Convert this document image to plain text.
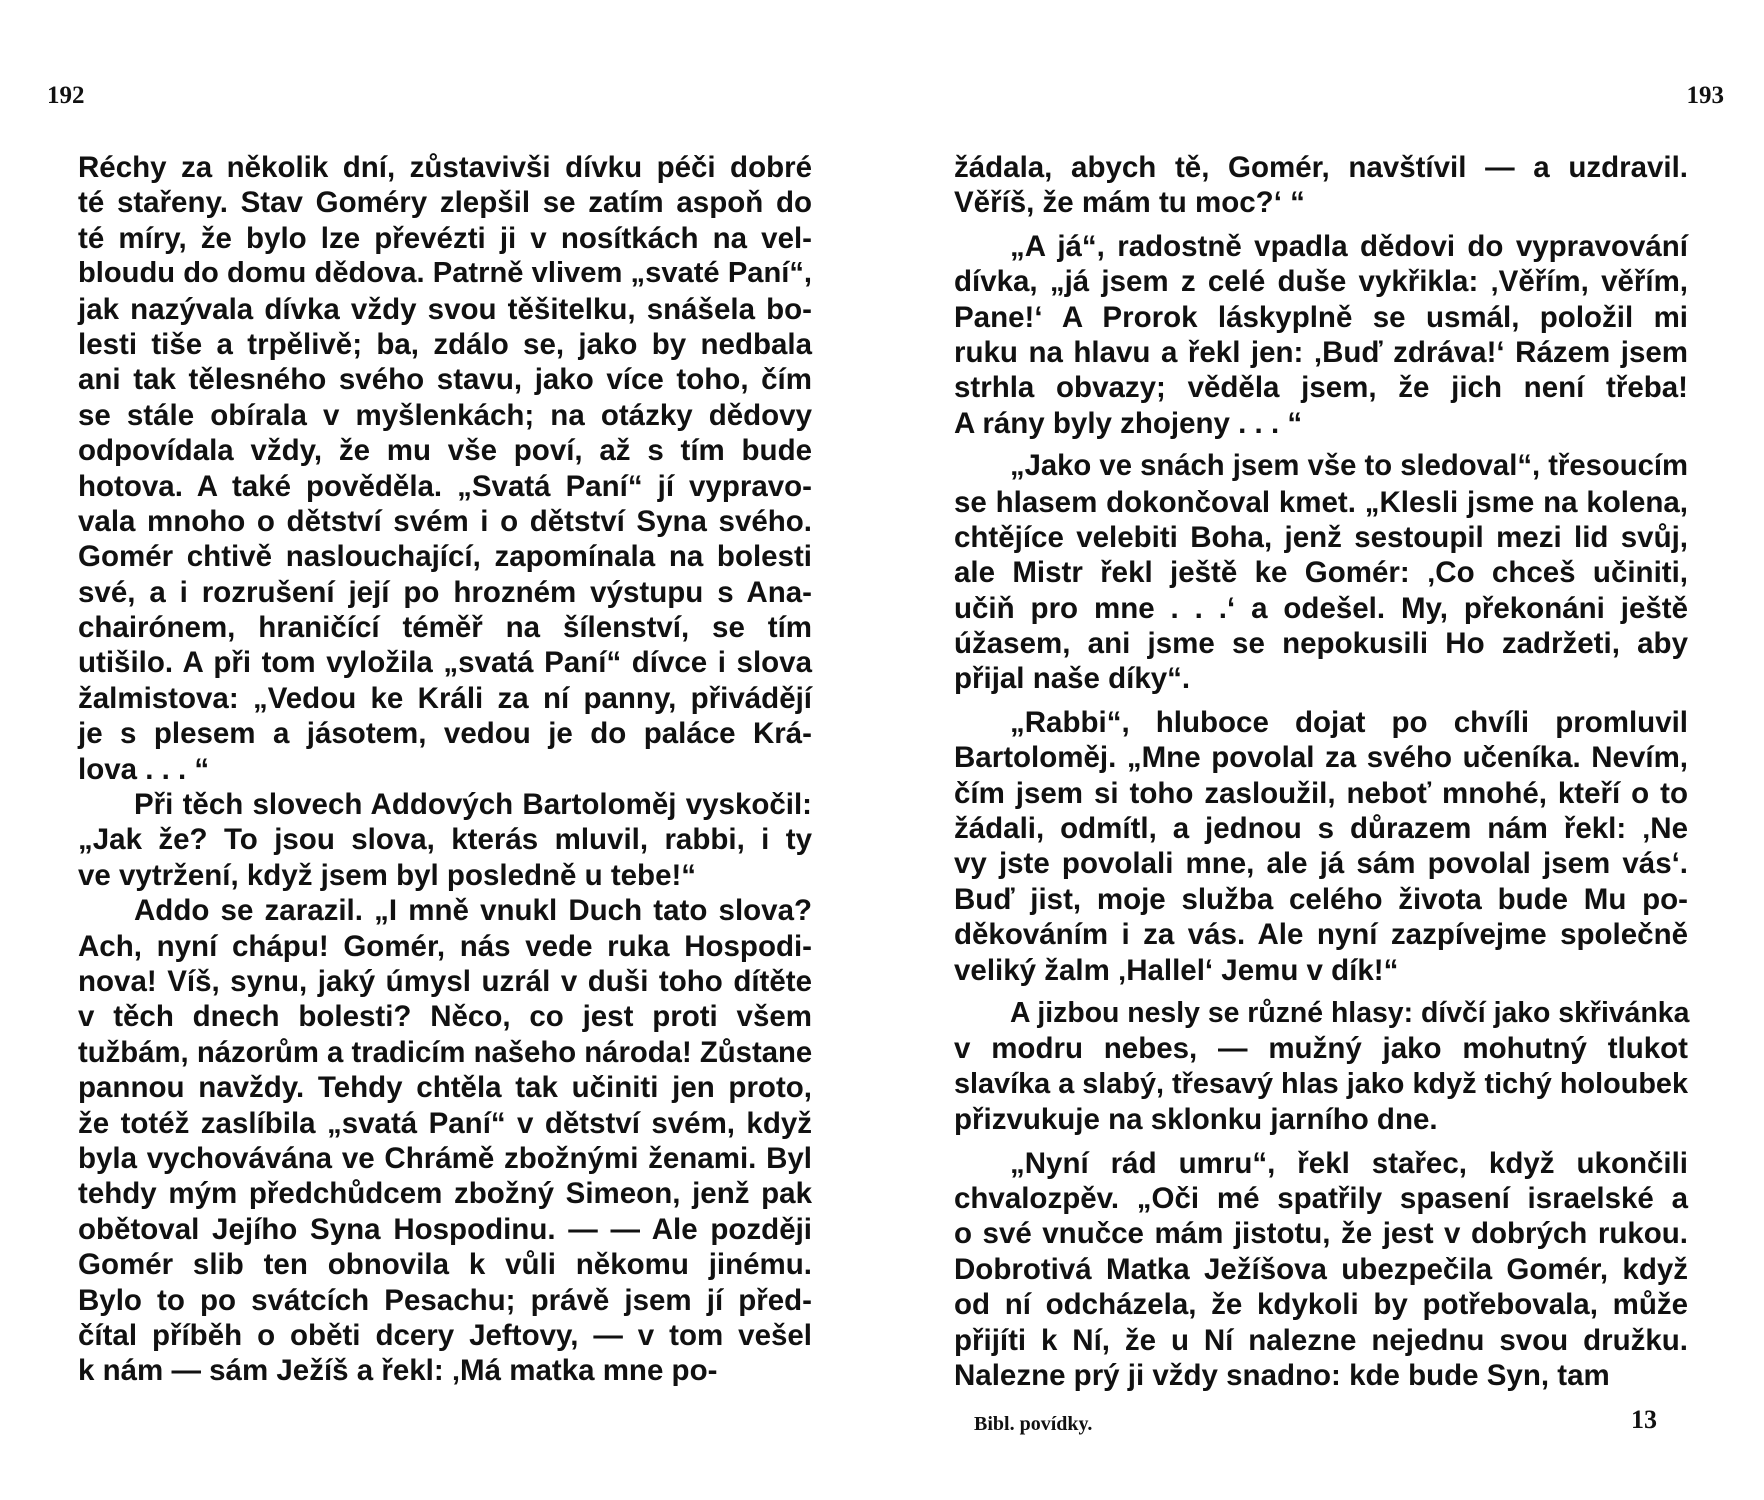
192
Réchy za několik dní, zůstavivši dívku péči dobré
té stařeny. Stav Goméry zlepšil se zatím aspoň do
té míry, že bylo lze převézti ji v nosítkách na vel-
bloudu do domu dědova. Patrně vlivem „svaté Paní“,
jak nazývala dívka vždy svou těšitelku, snášela bo-
lesti tiše a trpělivě; ba, zdálo se, jako by nedbala
ani tak tělesného svého stavu, jako více toho, čím
se stále obírala v myšlenkách; na otázky dědovy
odpovídala vždy, že mu vše poví, až s tím bude
hotova. A také pověděla. „Svatá Paní“ jí vypravo-
vala mnoho o dětství svém i o dětství Syna svého.
Gomér chtivě naslouchající, zapomínala na bolesti
své, a i rozrušení její po hrozném výstupu s Ana-
chairónem, hraničící téměř na šílenství, se tím
utišilo. A při tom vyložila „svatá Paní“ dívce i slova
žalmistova: „Vedou ke Králi za ní panny, přivádějí
je s plesem a jásotem, vedou je do paláce Krá-
lova . . . “
Při těch slovech Addových Bartoloměj vyskočil:
„Jak že? To jsou slova, kterás mluvil, rabbi, i ty
ve vytržení, když jsem byl posledně u tebe!“
Addo se zarazil. „I mně vnukl Duch tato slova?
Ach, nyní chápu! Gomér, nás vede ruka Hospodi-
nova! Víš, synu, jaký úmysl uzrál v duši toho dítěte
v těch dnech bolesti? Něco, co jest proti všem
tužbám, názorům a tradicím našeho národa! Zůstane
pannou navždy. Tehdy chtěla tak učiniti jen proto,
že totéž zaslíbila „svatá Paní“ v dětství svém, když
byla vychovávána ve Chrámě zbožnými ženami. Byl
tehdy mým předchůdcem zbožný Simeon, jenž pak
obětoval Jejího Syna Hospodinu. — — Ale později
Gomér slib ten obnovila k vůli někomu jinému.
Bylo to po svátcích Pesachu; právě jsem jí před-
čítal příběh o oběti dcery Jeftovy, — v tom vešel
k nám — sám Ježíš a řekl: ‚Má matka mne po-
193
žádala, abych tě, Gomér, navštívil — a uzdravil.
Věříš, že mám tu moc?‘ “
„A já“, radostně vpadla dědovi do vypravování
dívka, „já jsem z celé duše vykřikla: ‚Věřím, věřím,
Pane!‘ A Prorok láskyplně se usmál, položil mi
ruku na hlavu a řekl jen: ‚Buď zdráva!‘ Rázem jsem
strhla obvazy; věděla jsem, že jich není třeba!
A rány byly zhojeny . . . “
„Jako ve snách jsem vše to sledoval“, třesoucím
se hlasem dokončoval kmet. „Klesli jsme na kolena,
chtějíce velebiti Boha, jenž sestoupil mezi lid svůj,
ale Mistr řekl ještě ke Gomér: ‚Co chceš učiniti,
učiň pro mne . . .‘ a odešel. My, překonáni ještě
úžasem, ani jsme se nepokusili Ho zadržeti, aby
přijal naše díky“.
„Rabbi“, hluboce dojat po chvíli promluvil
Bartoloměj. „Mne povolal za svého učeníka. Nevím,
čím jsem si toho zasloužil, neboť mnohé, kteří o to
žádali, odmítl, a jednou s důrazem nám řekl: ‚Ne
vy jste povolali mne, ale já sám povolal jsem vás‘.
Buď jist, moje služba celého života bude Mu po-
děkováním i za vás. Ale nyní zazpívejme společně
veliký žalm ‚Hallel‘ Jemu v dík!“
A jizbou nesly se různé hlasy: dívčí jako skřivánka
v modru nebes, — mužný jako mohutný tlukot
slavíka a slabý, třesavý hlas jako když tichý holoubek
přizvukuje na sklonku jarního dne.
„Nyní rád umru“, řekl stařec, když ukončili
chvalozpěv. „Oči mé spatřily spasení israelské a
o své vnučce mám jistotu, že jest v dobrých rukou.
Dobrotivá Matka Ježíšova ubezpečila Gomér, když
od ní odcházela, že kdykoli by potřebovala, může
přijíti k Ní, že u Ní nalezne nejednu svou družku.
Nalezne prý ji vždy snadno: kde bude Syn, tam
Bibl. povídky.	13
